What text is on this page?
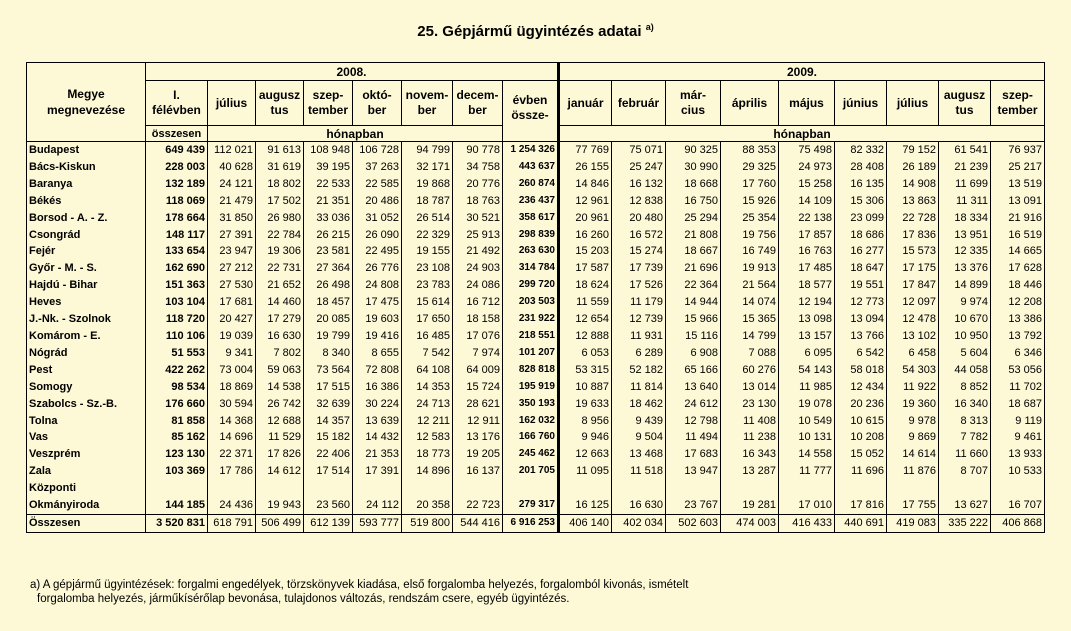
25. Gépjármű ügyintézés adatai $^{a)}$
Megye megnevezése	2008.								2009.								
	I. félévben	július	augusz tus	szep- tember	októ- ber	novem- ber	decem- ber	évben össze-	január	február	már- cius	április	május	június	július	augusz tus	szep- tember
	összesen	hónapban							hónapban								
Budapest	649 439	112 021	91 613	108 948	106 728	94 799	90 778	1 254 326	77 769	75 071	90 325	88 353	75 498	82 332	79 152	61 541	76 937
Bács-Kiskun	228 003	40 628	31 619	39 195	37 263	32 171	34 758	443 637	26 155	25 247	30 990	29 325	24 973	28 408	26 189	21 239	25 217
Baranya	132 189	24 121	18 802	22 533	22 585	19 868	20 776	260 874	14 846	16 132	18 668	17 760	15 258	16 135	14 908	11 699	13 519
Békés	118 069	21 479	17 502	21 351	20 486	18 787	18 763	236 437	12 961	12 838	16 750	15 926	14 109	15 306	13 863	11 311	13 091
Borsod - A. - Z.	178 664	31 850	26 980	33 036	31 052	26 514	30 521	358 617	20 961	20 480	25 294	25 354	22 138	23 099	22 728	18 334	21 916
Csongrád	148 117	27 391	22 784	26 215	26 090	22 329	25 913	298 839	16 260	16 572	21 808	19 756	17 857	18 686	17 836	13 951	16 519
Fejér	133 654	23 947	19 306	23 581	22 495	19 155	21 492	263 630	15 203	15 274	18 667	16 749	16 763	16 277	15 573	12 335	14 665
Győr - M. - S.	162 690	27 212	22 731	27 364	26 776	23 108	24 903	314 784	17 587	17 739	21 696	19 913	17 485	18 647	17 175	13 376	17 628
Hajdú - Bihar	151 363	27 530	21 652	26 498	24 808	23 783	24 086	299 720	18 624	17 526	22 364	21 564	18 577	19 551	17 847	14 899	18 446
Heves	103 104	17 681	14 460	18 457	17 475	15 614	16 712	203 503	11 559	11 179	14 944	14 074	12 194	12 773	12 097	9 974	12 208
J.-Nk. - Szolnok	118 720	20 427	17 279	20 085	19 603	17 650	18 158	231 922	12 654	12 739	15 966	15 365	13 098	13 094	12 478	10 670	13 386
Komárom - E.	110 106	19 039	16 630	19 799	19 416	16 485	17 076	218 551	12 888	11 931	15 116	14 799	13 157	13 766	13 102	10 950	13 792
Nógrád	51 553	9 341	7 802	8 340	8 655	7 542	7 974	101 207	6 053	6 289	6 908	7 088	6 095	6 542	6 458	5 604	6 346
Pest	422 262	73 004	59 063	73 564	72 808	64 108	64 009	828 818	53 315	52 182	65 166	60 276	54 143	58 018	54 303	44 058	53 056
Somogy	98 534	18 869	14 538	17 515	16 386	14 353	15 724	195 919	10 887	11 814	13 640	13 014	11 985	12 434	11 922	8 852	11 702
Szabolcs - Sz.-B.	176 660	30 594	26 742	32 639	30 224	24 713	28 621	350 193	19 633	18 462	24 612	23 130	19 078	20 236	19 360	16 340	18 687
Tolna	81 858	14 368	12 688	14 357	13 639	12 211	12 911	162 032	8 956	9 439	12 798	11 408	10 549	10 615	9 978	8 313	9 119
Vas	85 162	14 696	11 529	15 182	14 432	12 583	13 176	166 760	9 946	9 504	11 494	11 238	10 131	10 208	9 869	7 782	9 461
Veszprém	123 130	22 371	17 826	22 406	21 353	18 773	19 205	245 462	12 663	13 468	17 683	16 343	14 558	15 052	14 614	11 660	13 933
Zala	103 369	17 786	14 612	17 514	17 391	14 896	16 137	201 705	11 095	11 518	13 947	13 287	11 777	11 696	11 876	8 707	10 533
Központi																	
Okmányiroda	144 185	24 436	19 943	23 560	24 112	20 358	22 723	279 317	16 125	16 630	23 767	19 281	17 010	17 816	17 755	13 627	16 707
Összesen	3 520 831	618 791	506 499	612 139	593 777	519 800	544 416	6 916 253	406 140	402 034	502 603	474 003	416 433	440 691	419 083	335 222	406 868
a) A gépjármű ügyintézések: forgalmi engedélyek, törzskönyvek kiadása, első forgalomba helyezés, forgalomból kivonás, ismételt
forgalomba helyezés, járműkísérőlap bevonása, tulajdonos változás, rendszám csere, egyéb ügyintézés.
